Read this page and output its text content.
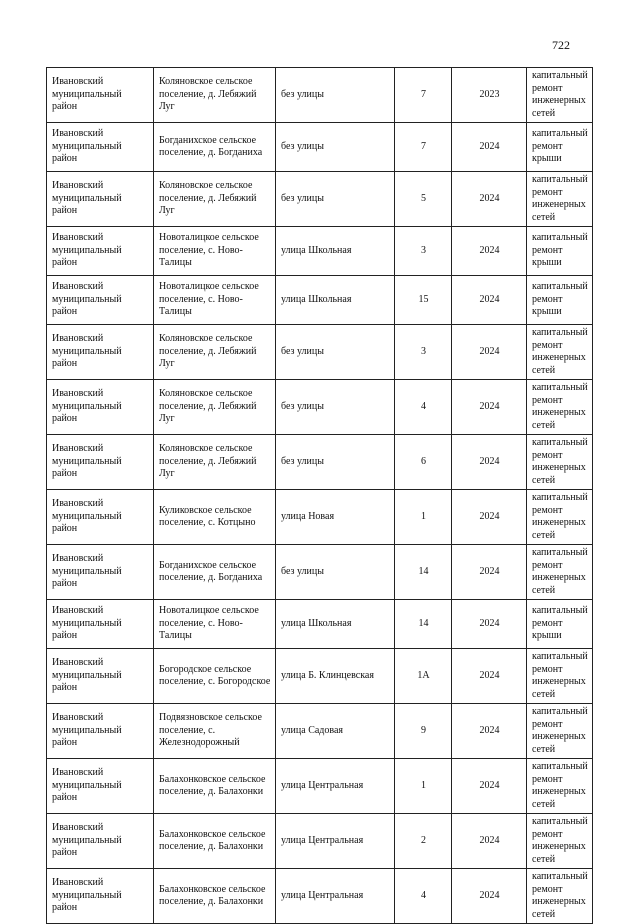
722
Ивановский муниципальный район	Коляновское сельское поселение, д. Лебяжий Луг	без улицы	7	2023	капитальный ремонт инженерных сетей
Ивановский муниципальный район	Богданихское сельское поселение, д. Богданиха	без улицы	7	2024	капитальный ремонт крыши
Ивановский муниципальный район	Коляновское сельское поселение, д. Лебяжий Луг	без улицы	5	2024	капитальный ремонт инженерных сетей
Ивановский муниципальный район	Новоталицкое сельское поселение, с. Ново-Талицы	улица Школьная	3	2024	капитальный ремонт крыши
Ивановский муниципальный район	Новоталицкое сельское поселение, с. Ново-Талицы	улица Школьная	15	2024	капитальный ремонт крыши
Ивановский муниципальный район	Коляновское сельское поселение, д. Лебяжий Луг	без улицы	3	2024	капитальный ремонт инженерных сетей
Ивановский муниципальный район	Коляновское сельское поселение, д. Лебяжий Луг	без улицы	4	2024	капитальный ремонт инженерных сетей
Ивановский муниципальный район	Коляновское сельское поселение, д. Лебяжий Луг	без улицы	6	2024	капитальный ремонт инженерных сетей
Ивановский муниципальный район	Куликовское сельское поселение, с. Котцыно	улица Новая	1	2024	капитальный ремонт инженерных сетей
Ивановский муниципальный район	Богданихское сельское поселение, д. Богданиха	без улицы	14	2024	капитальный ремонт инженерных сетей
Ивановский муниципальный район	Новоталицкое сельское поселение, с. Ново-Талицы	улица Школьная	14	2024	капитальный ремонт крыши
Ивановский муниципальный район	Богородское сельское поселение, с. Богородское	улица Б. Клинцевская	1А	2024	капитальный ремонт инженерных сетей
Ивановский муниципальный район	Подвязновское сельское поселение, с. Железнодорожный	улица Садовая	9	2024	капитальный ремонт инженерных сетей
Ивановский муниципальный район	Балахонковское сельское поселение, д. Балахонки	улица Центральная	1	2024	капитальный ремонт инженерных сетей
Ивановский муниципальный район	Балахонковское сельское поселение, д. Балахонки	улица Центральная	2	2024	капитальный ремонт инженерных сетей
Ивановский муниципальный район	Балахонковское сельское поселение, д. Балахонки	улица Центральная	4	2024	капитальный ремонт инженерных сетей
